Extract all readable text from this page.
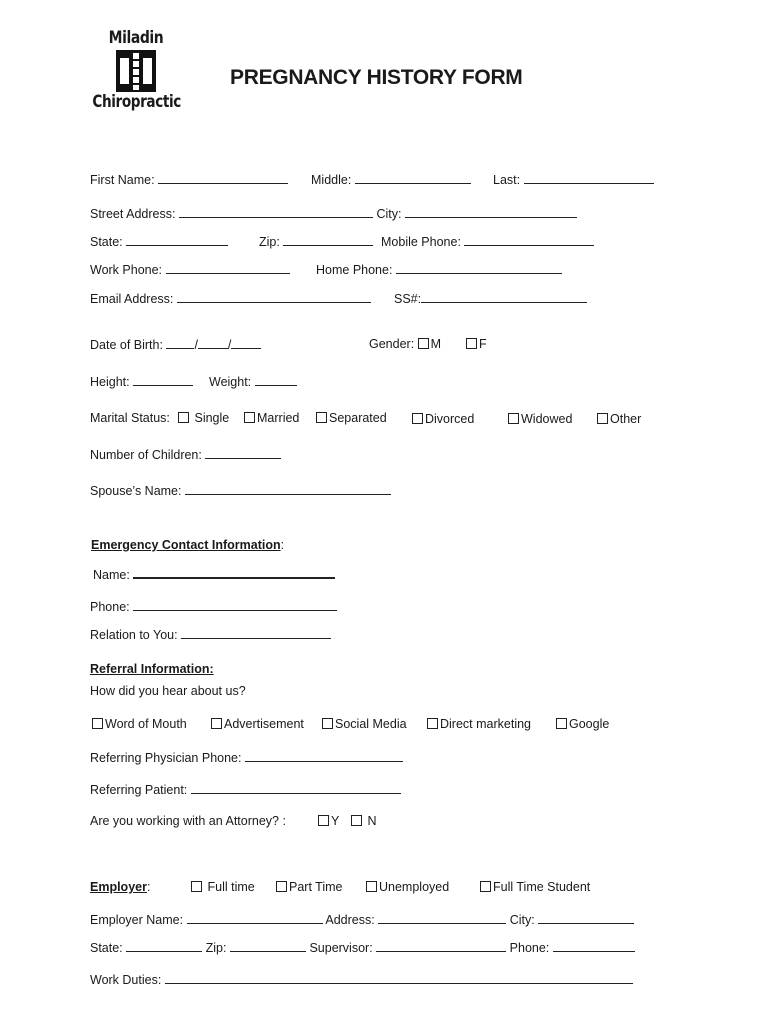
Miladin
Chiropractic
PREGNANCY HISTORY FORM
First Name:	Middle:	Last:
Street Address:	City:
State:	Zip:	Mobile Phone:
Work Phone:	Home Phone:
Email Address:	SS#:
Date of Birth:	/ /	Gender: M	F
Height:	Weight:
Marital Status:	Single	Married	Separated	Divorced	Widowed	Other
Number of Children:
Spouse’s Name:
Emergency Contact Information:
Name:
Phone:
Relation to You:
Referral Information:
How did you hear about us?
Word of Mouth	Advertisement	Social Media	Direct marketing	Google
Referring Physician Phone:
Referring Patient:
Are you working with an Attorney? :	Y	N
Employer:	Full time	Part Time	Unemployed	Full Time Student
Employer Name:	Address:	City:
State:	Zip:	Supervisor:	Phone:
Work Duties:
